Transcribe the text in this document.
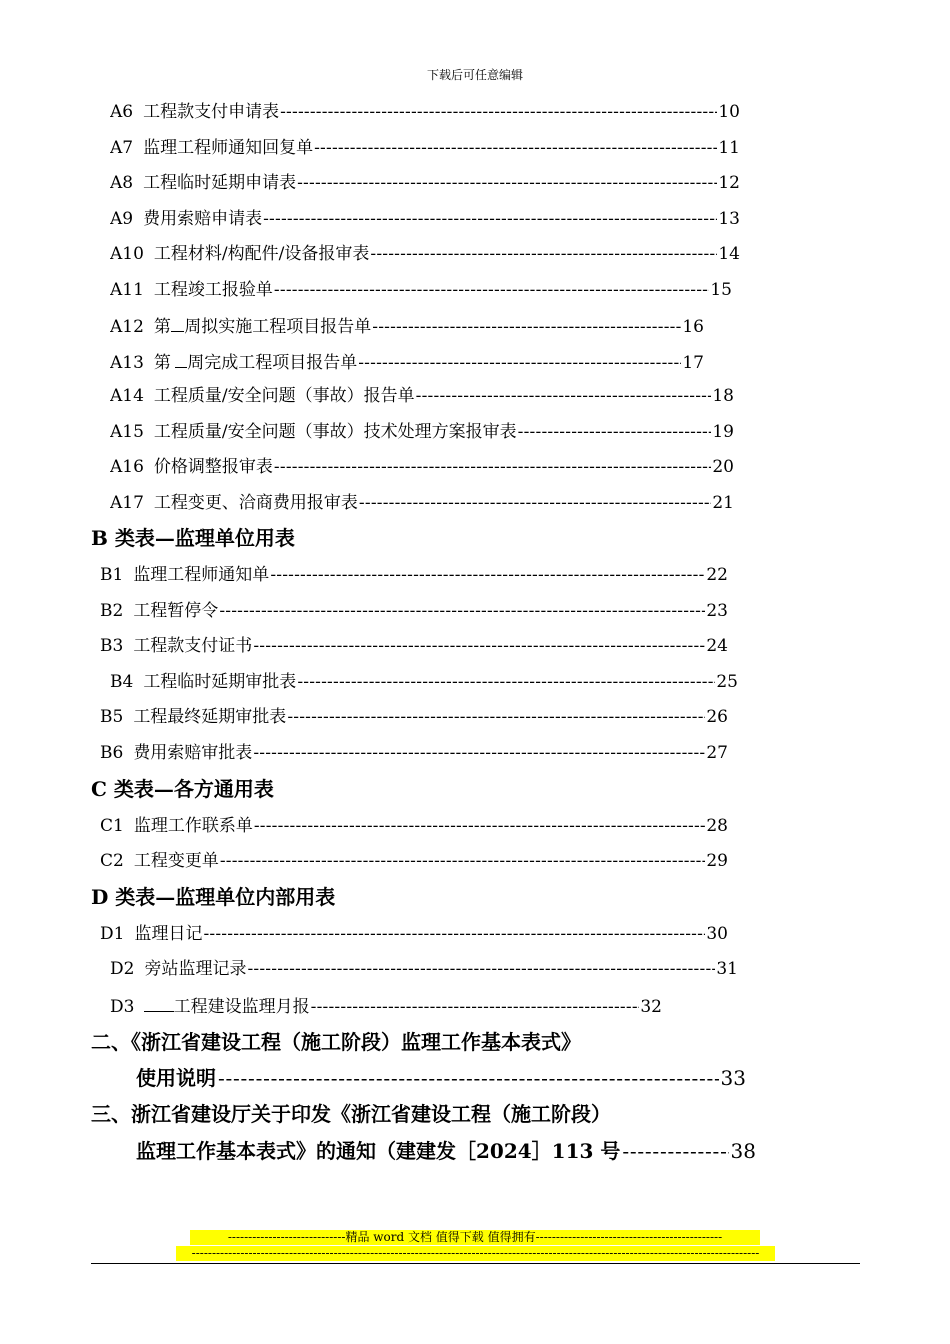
下载后可任意编辑
A6 工程款支付申请表 - - -	10
A7 监理工程师通知回复单 - - -	11
A8 工程临时延期申请表 - - -	12
A9 费用索赔申请表 - - -	13
A10 工程材料/构配件/设备报审表 - - -	14
A11 工程竣工报验单 - - -	15
A12 第 周拟实施工程项目报告单 - - -	16
A13 第 周完成工程项目报告单 - - -	17
A14 工程质量/安全问题（事故）报告单 - - -	18
A15 工程质量/安全问题（事故）技术处理方案报审表 - - -	19
A16 价格调整报审表 - - -	20
A17 工程变更、洽商费用报审表 - - -	21
B 类表—监理单位用表
B1 监理工程师通知单 - - -	22
B2 工程暂停令 - - -	23
B3 工程款支付证书 - - -	24
B4 工程临时延期审批表 - - -	25
B5 工程最终延期审批表 - - -	26
B6 费用索赔审批表 - - -	27
C 类表—各方通用表
C1 监理工作联系单 - - -	28
C2 工程变更单 - - -	29
D 类表—监理单位内部用表
D1 监理日记 - - -	30
D2 旁站监理记录 - - -	31
D3 工程建设监理月报 - - -	32
二、《浙江省建设工程（施工阶段）监理工作基本表式》
使用说明 - - -	33
三、浙江省建设厅关于印发《浙江省建设工程（施工阶段）
监理工作基本表式》的通知（建建发［2024］113 号 - - -	38
-----------------------------精品 word 文档 值得下载 值得拥有----------------------------------------------
--------------------------------------------------------------------------------------------------------------------------------------------
